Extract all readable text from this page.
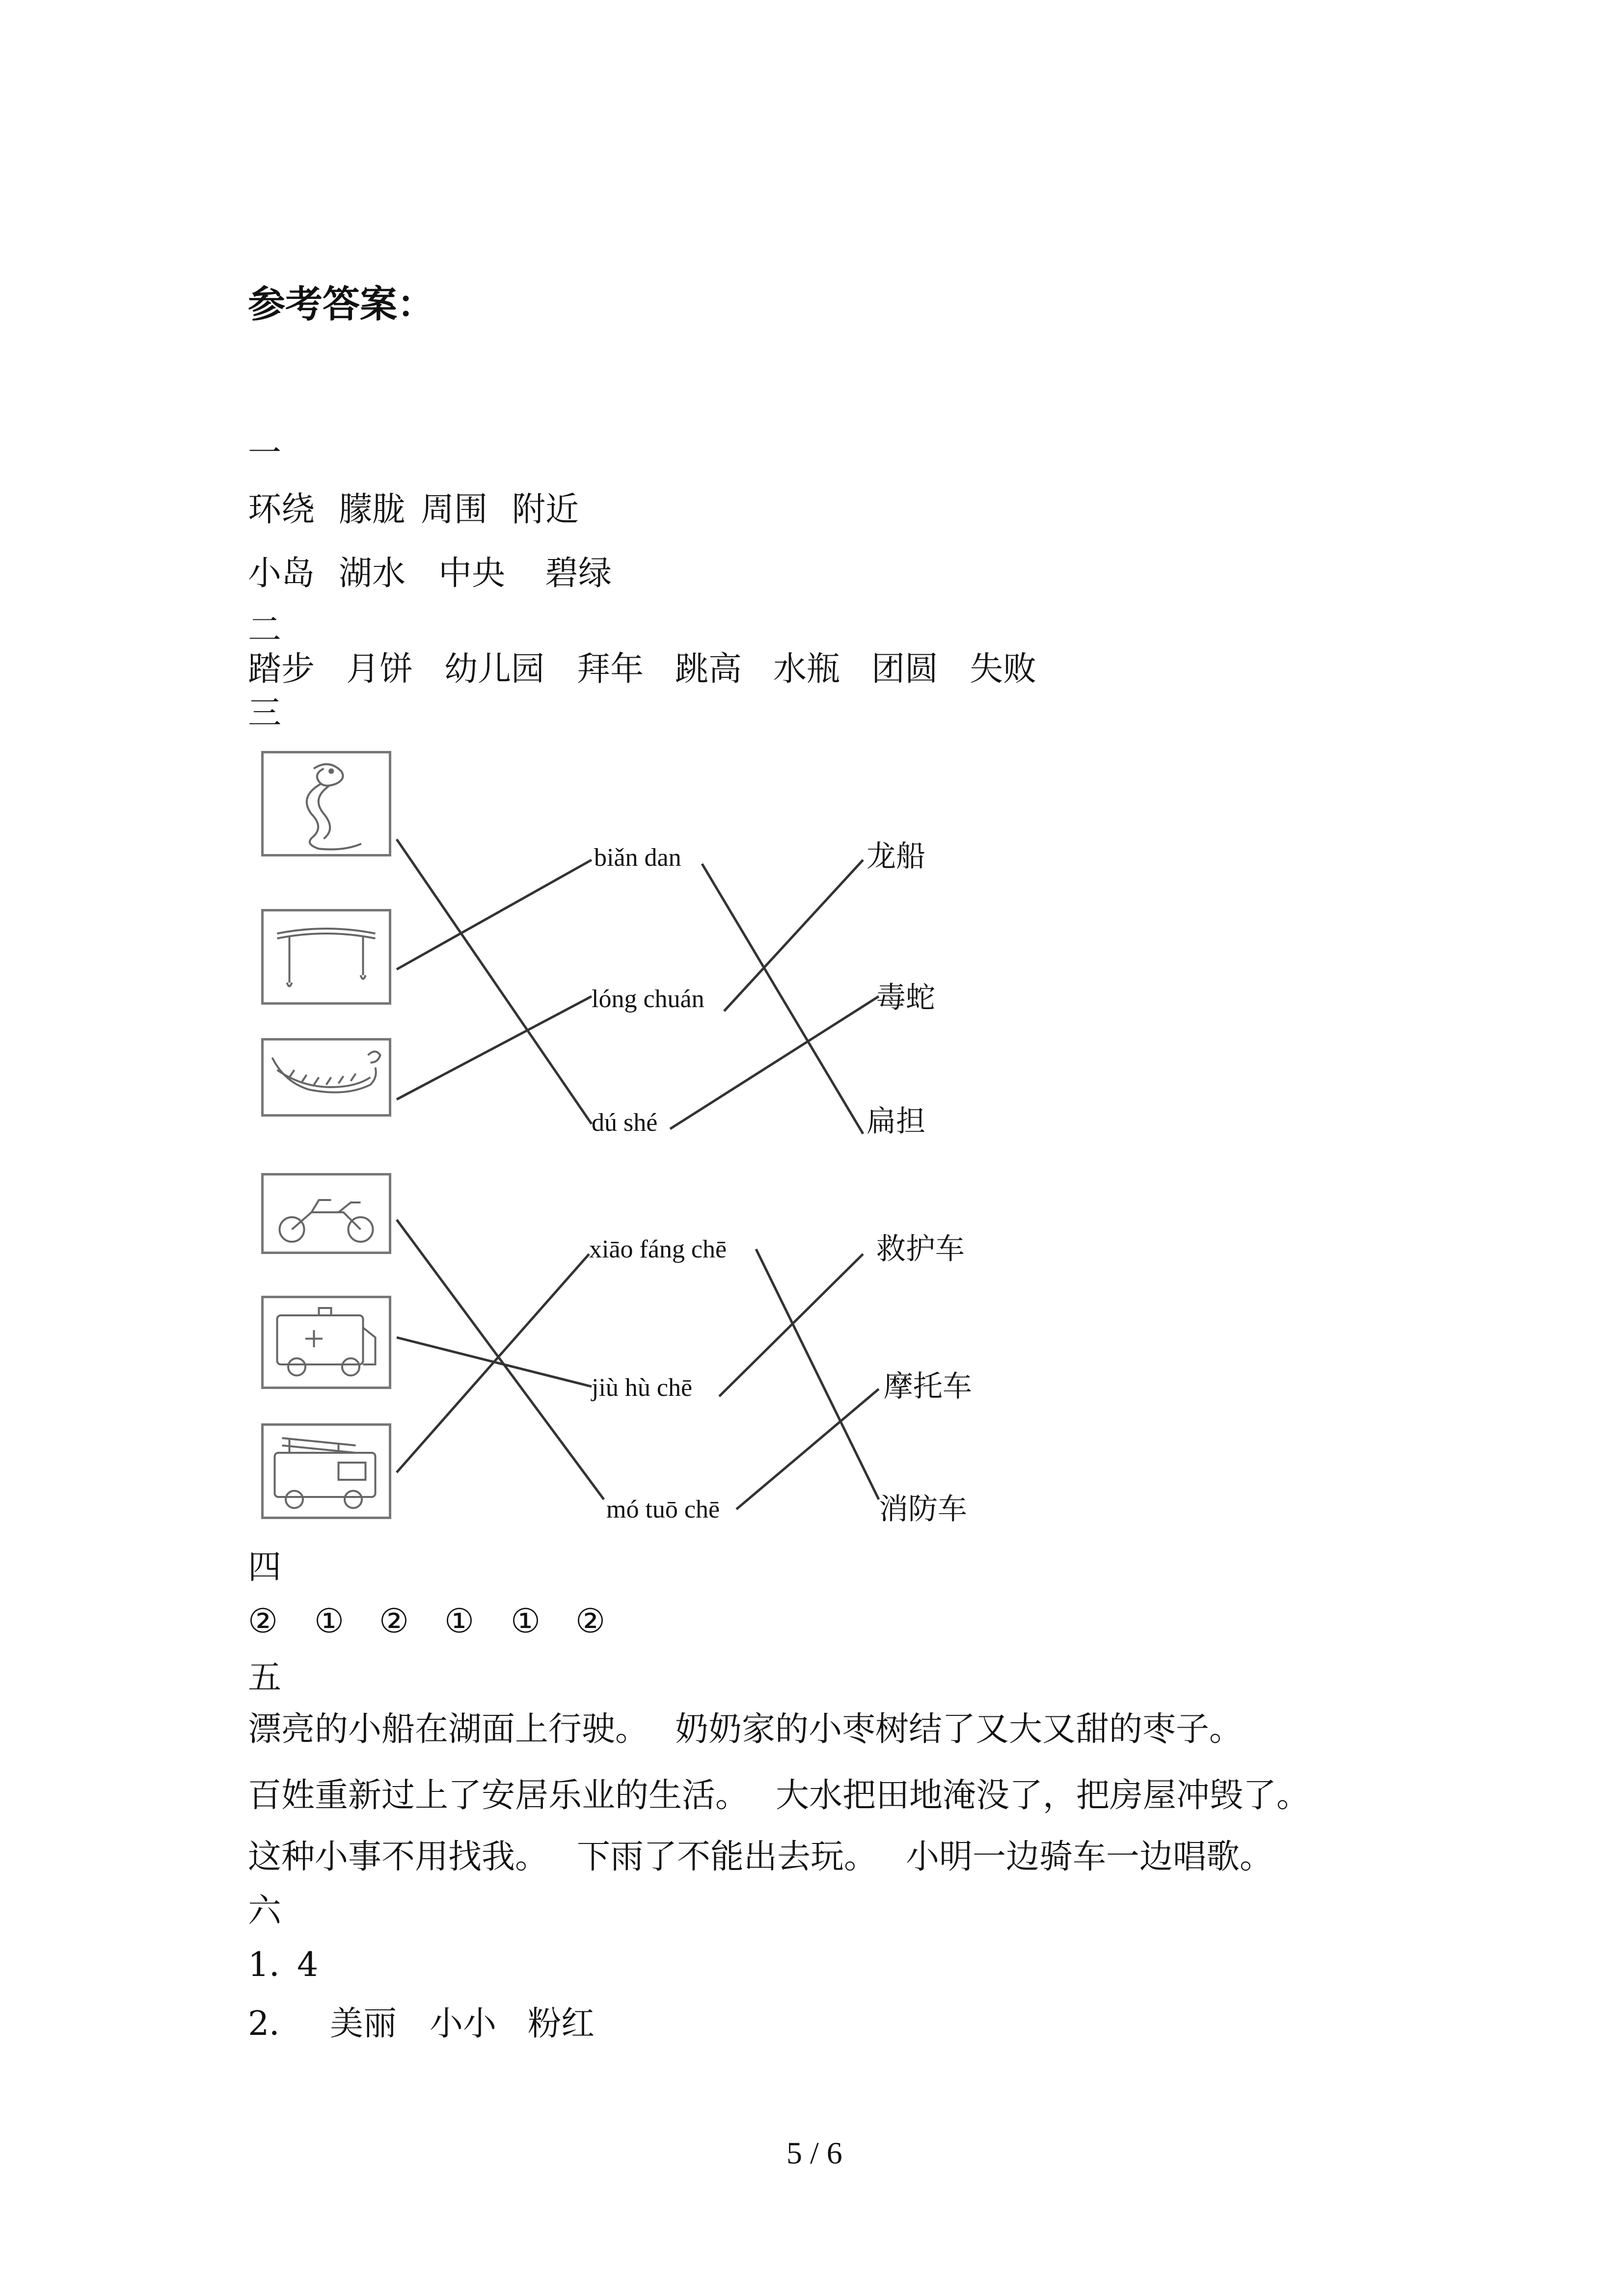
参考答案：
一
环绕 朦胧 周围 附近
小岛 湖水 中央 碧绿
二
踏步 月饼 幼儿园 拜年 跳高 水瓶 团圆 失败
三
biǎn dan
lóng chuán
dú shé
龙船
毒蛇
扁担
xiāo fáng chē
jiù hù chē
mó tuō chē
救护车
摩托车
消防车
四
② ① ② ① ① ②
五
漂亮的小船在湖面上行驶。 奶奶家的小枣树结了又大又甜的枣子。
百姓重新过上了安居乐业的生活。 大水把田地淹没了，把房屋冲毁了。
这种小事不用找我。 下雨了不能出去玩。 小明一边骑车一边唱歌。
六
1．
4
2． 美丽 小小 粉红
5 / 6
